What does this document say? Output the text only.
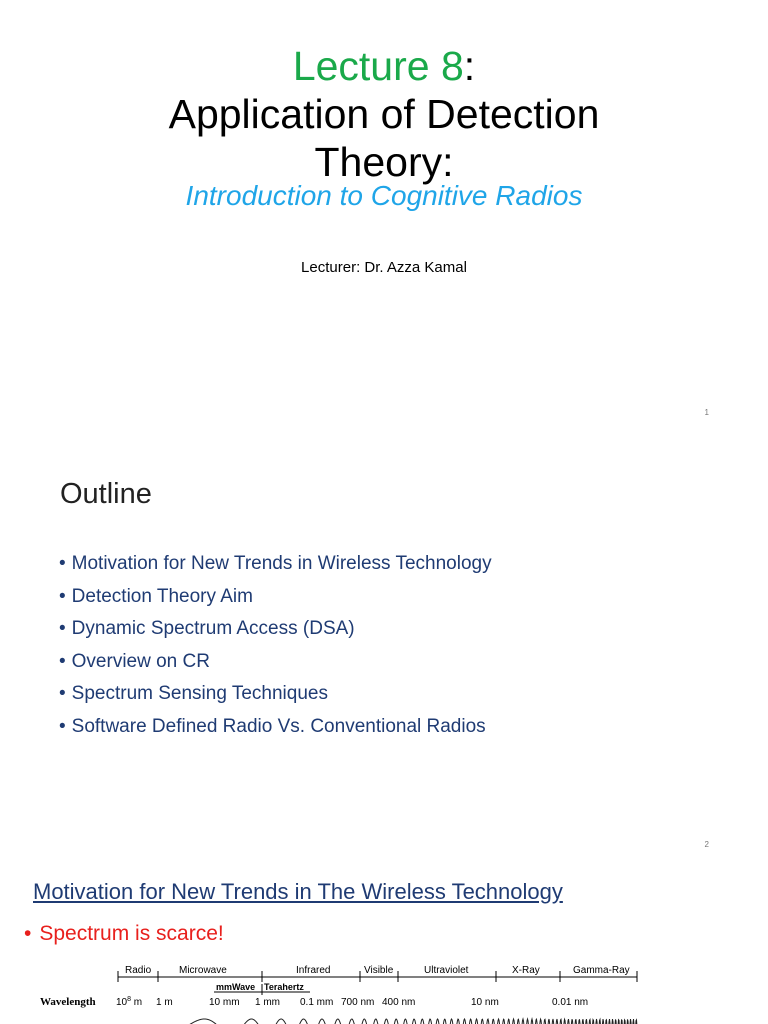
Lecture 8:
Application of Detection
Theory:
Introduction to Cognitive Radios
Lecturer: Dr. Azza Kamal
1
Outline
• Motivation for New Trends in Wireless Technology
• Detection Theory Aim
• Dynamic Spectrum Access (DSA)
• Overview on CR
• Spectrum Sensing Techniques
• Software Defined Radio Vs. Conventional Radios
2
Motivation for New Trends in The Wireless Technology
• Spectrum is scarce!
Radio	Microwave	Infrared	Visible	Ultraviolet	X-Ray	Gamma-Ray
mmWave Terahertz
Wavelength $10^8$ m 1 m	10 mm 1 mm 0.1 mm 700 nm 400 nm	10 nm	0.01 nm
